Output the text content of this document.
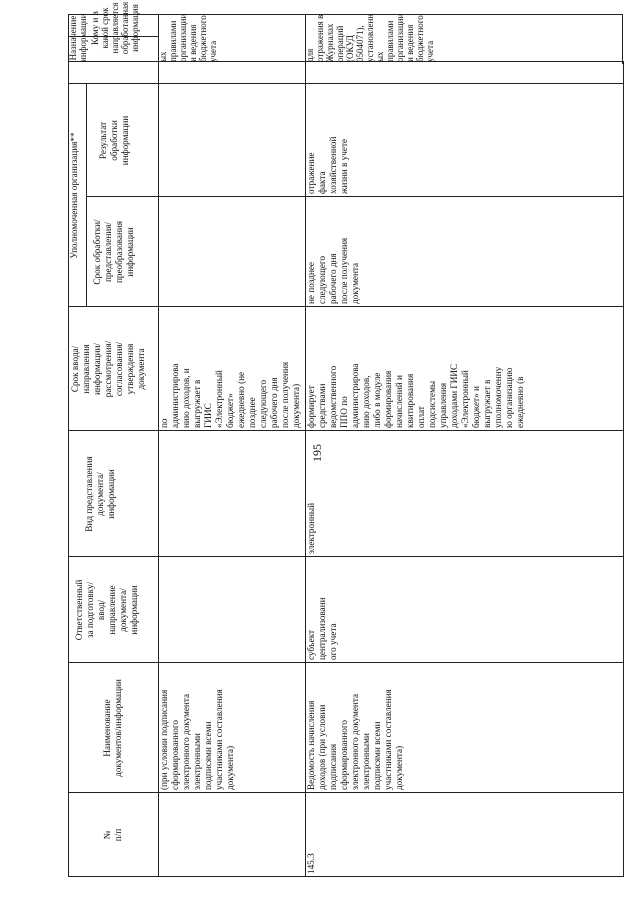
195
№
п/п
Наименование
документов/информации
Ответственный
за подготовку/
ввод/
направление
документа/
информации
Вид представления
документа/
информации
Срок ввода/
направления
информации/
рассмотрения/
согласования/
утверждения
документа
Уполномоченная организация**
Срок обработки/
представления/
преобразования
информации
Результат
обработки
информации
(при условии подписания
сформированного
электронного документа
электронными
подписями всеми
участниками составления
документа)
по
администрирова
нию доходов, и
выгружает в
ГИИС
«Электронный
бюджет»
ежедневно (не
позднее
следующего
рабочего дня
после получения
документа)
145.3
Ведомость начисления
доходов (при условии
подписания
сформированного
электронного документа
электронными
подписями всеми
участниками составления
документа)
субъект
централизовани
ого учета
электронный
формирует
средствами
ведомственного
ППО по
администрирова
нию доходов,
либо в модуле
формирования
начислений и
квитирования
оплат
подсистемы
управления
доходами ГИИС
«Электронный
бюджет» и
выгружает в
уполномоченну
ю организацию
ежедневно (в
не позднее
следующего
рабочего дня
после получения
документа
отражение
факта
хозяйственной
жизни в учете
Назначение
информации Кому и в
какой срок
направляется
обработанная
информация
ых
правилами
организации
и ведения
бюджетного
учета	для
отражения в
Журналах
операций
(ОКУД
0504071),
установленн
ых
правилами
организации
и ведения
бюджетного
учета
